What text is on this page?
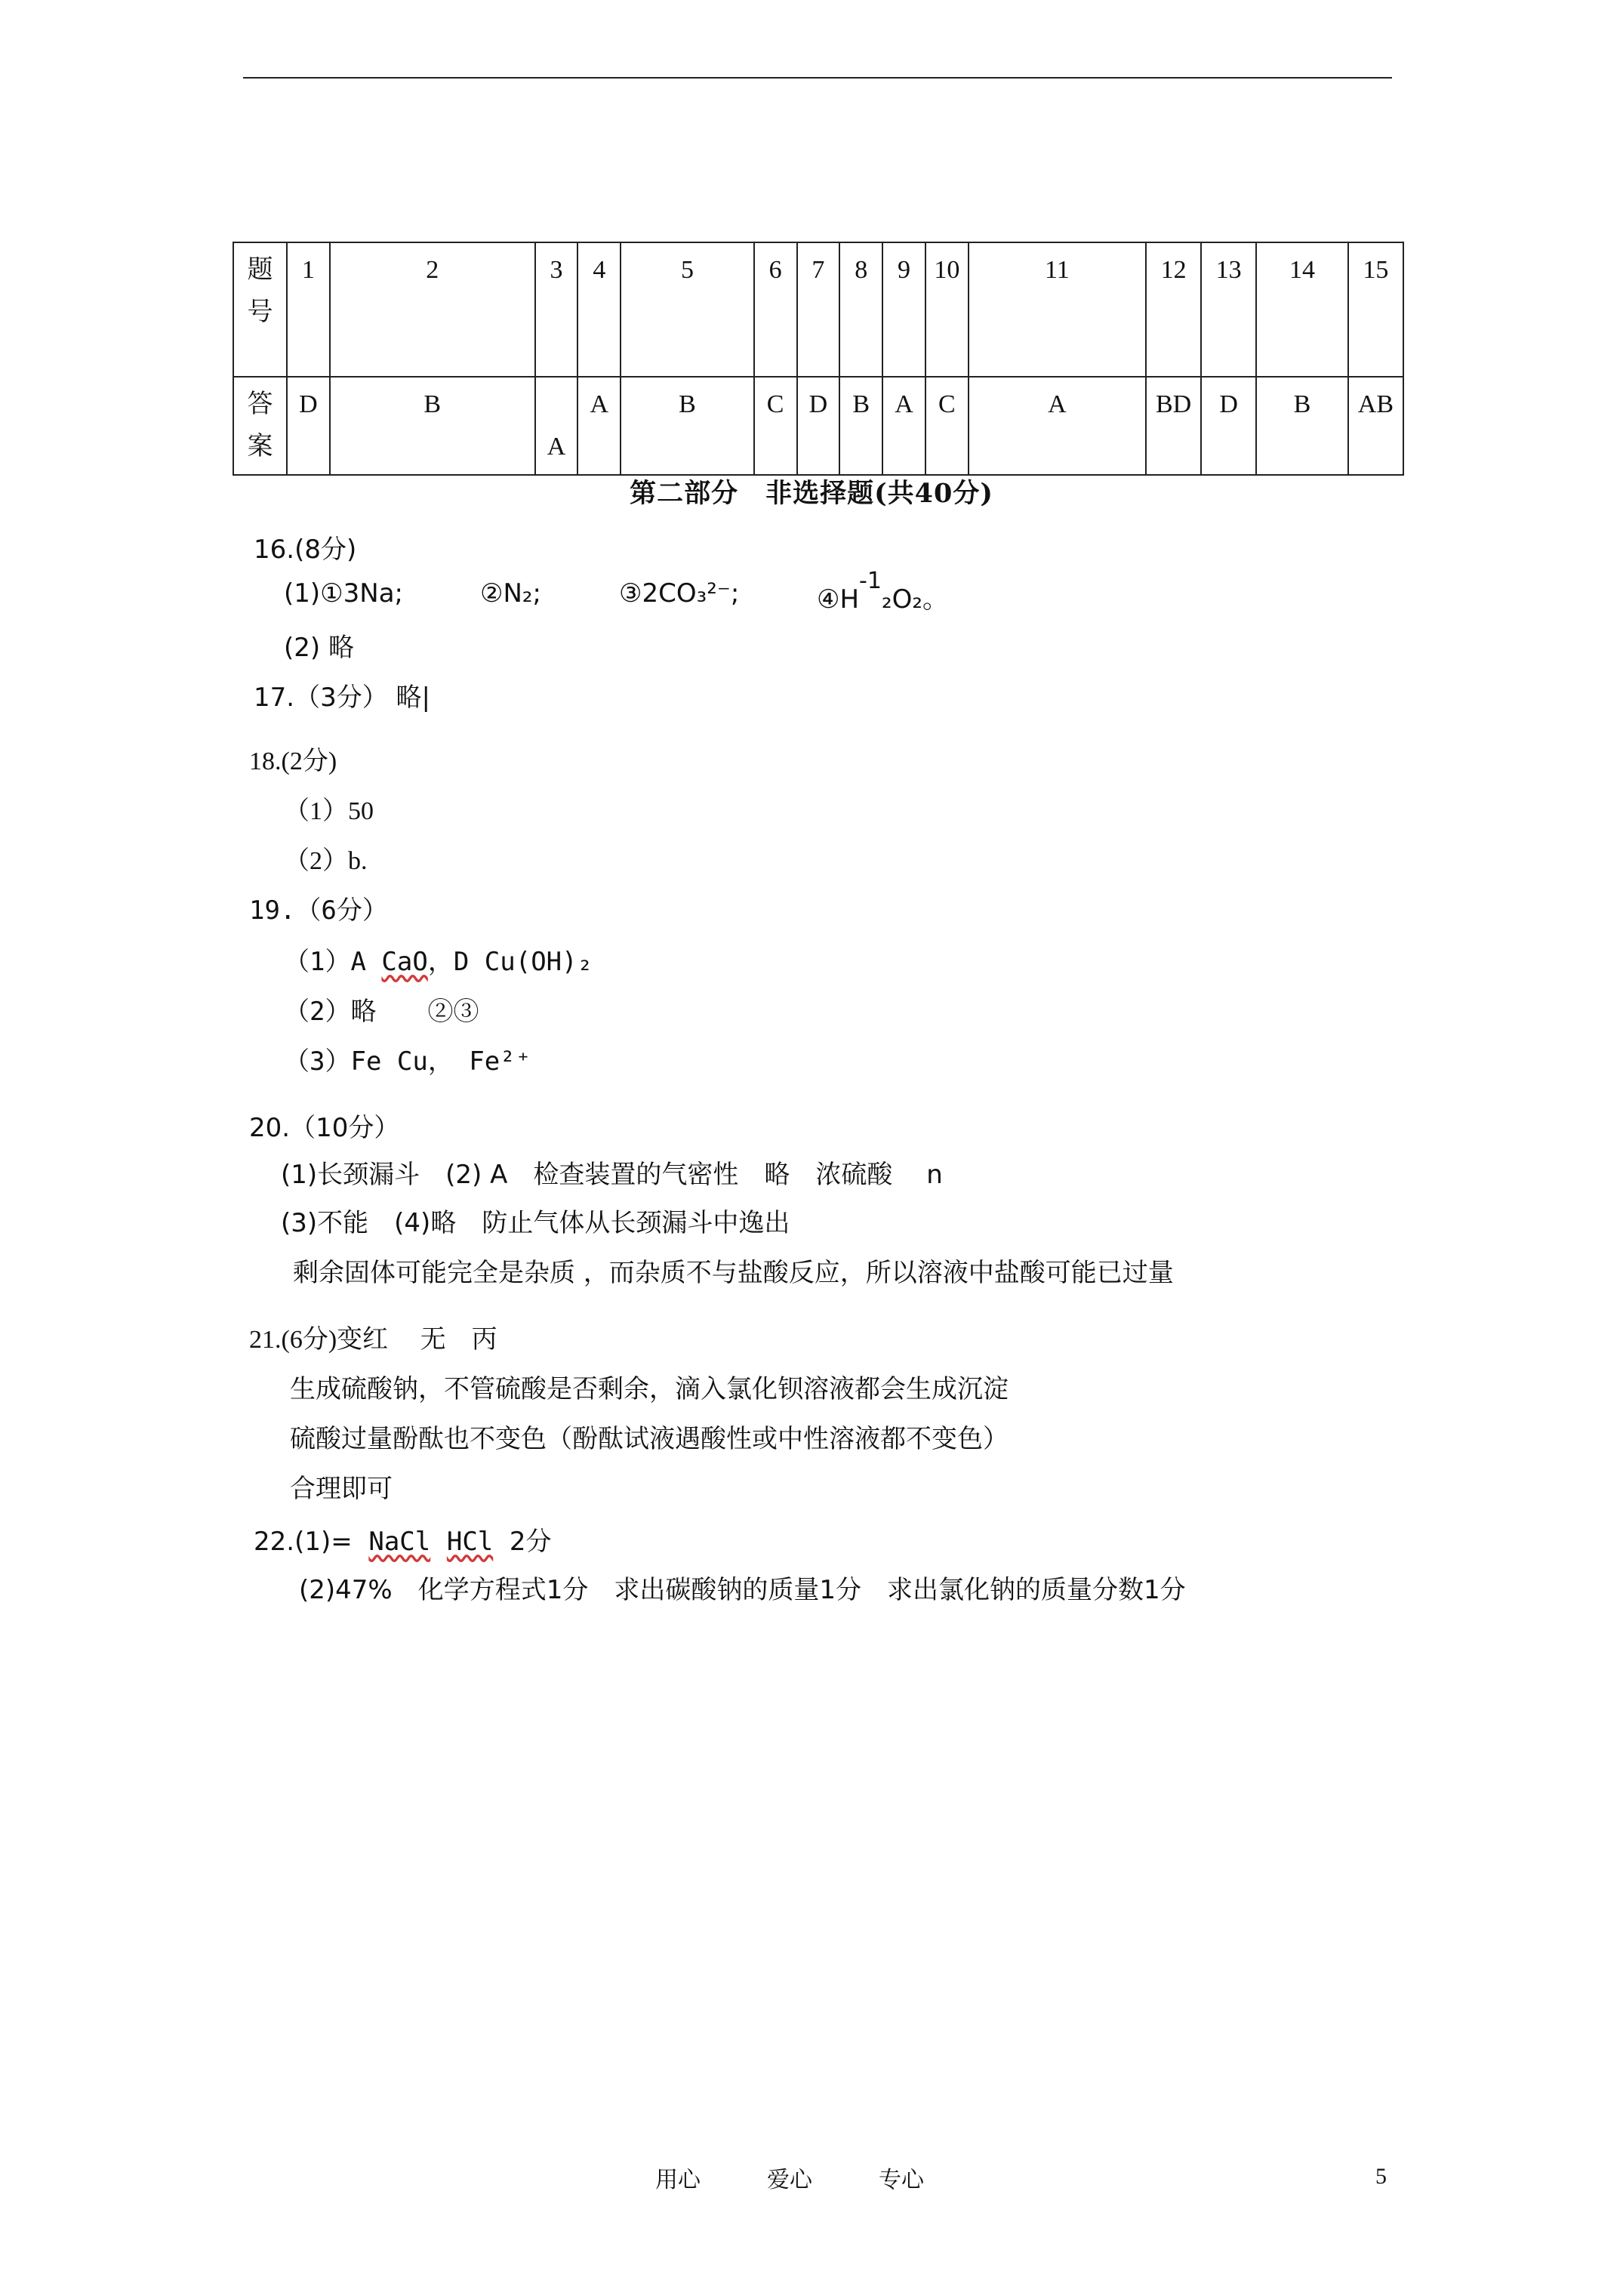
题号	1	2	3	4	5	6	7	8	9	10	11	12	13	14	15
答案	D	B	A	A	B	C	D	B	A	C	A	BD	D	B	AB
第二部分　非选择题(共40分)
16.(8分)
(1)①3Na;	②N₂;	③2CO₃²⁻;	④H-1₂O₂。
(2) 略
17.（3分） 略|
18.(2分)
（1）50
（2）b.
19.（6分）
（1）A CaO，D Cu(OH)₂
（2）略　　②③
（3）Fe Cu， Fe²⁺
20.（10分）
(1)长颈漏斗　(2) A　检查装置的气密性　略　浓硫酸　 n
(3)不能　(4)略　防止气体从长颈漏斗中逸出
剩余固体可能完全是杂质 ，而杂质不与盐酸反应，所以溶液中盐酸可能已过量
21.(6分)变红　 无　丙
生成硫酸钠，不管硫酸是否剩余，滴入氯化钡溶液都会生成沉淀
硫酸过量酚酞也不变色（酚酞试液遇酸性或中性溶液都不变色）
合理即可
22.(1)=  NaCl HCl 2分
(2)47%　化学方程式1分　求出碳酸钠的质量1分　求出氯化钠的质量分数1分
用心	爱心	专心	5
